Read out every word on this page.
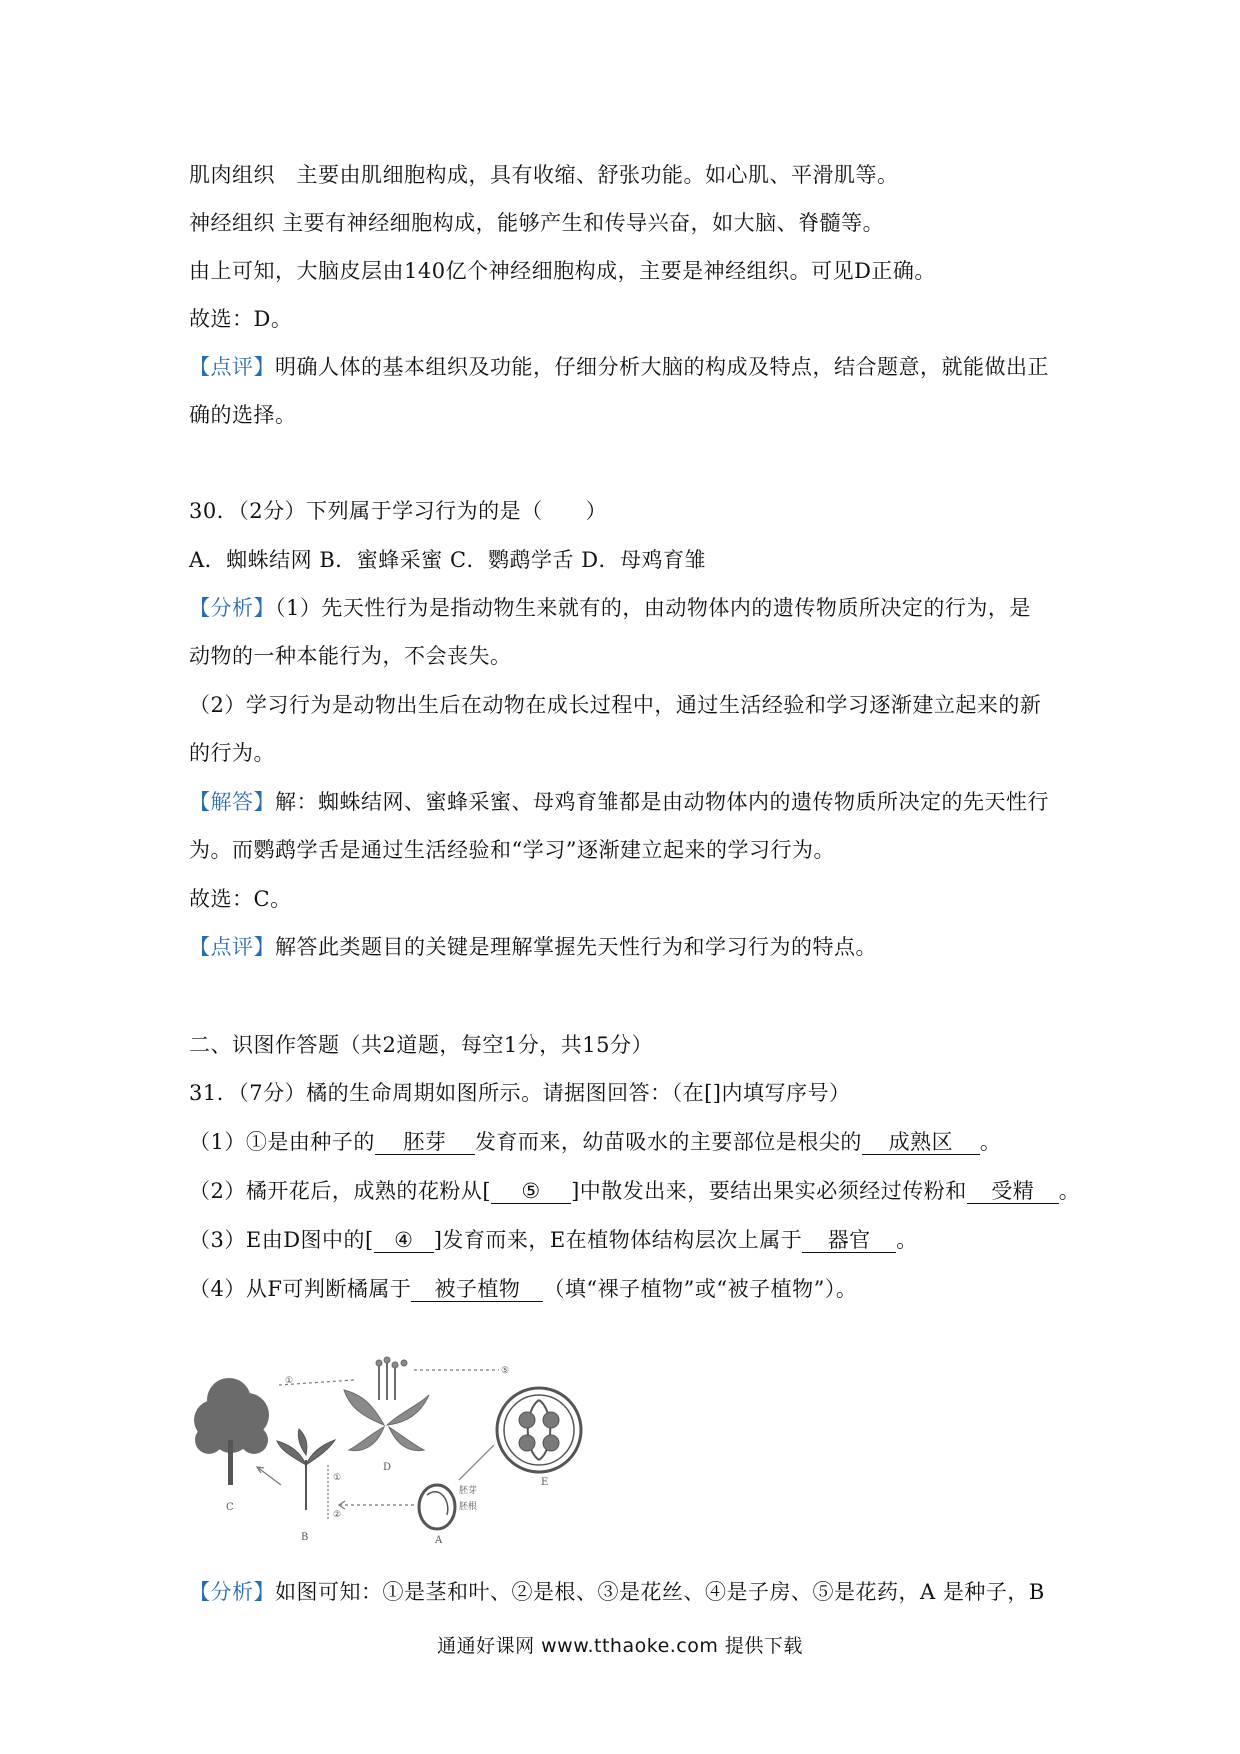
肌肉组织　主要由肌细胞构成，具有收缩、舒张功能。如心肌、平滑肌等。
神经组织 主要有神经细胞构成，能够产生和传导兴奋，如大脑、脊髓等。
由上可知，大脑皮层由140亿个神经细胞构成，主要是神经组织。可见D正确。
故选：D。
【点评】明确人体的基本组织及功能，仔细分析大脑的构成及特点，结合题意，就能做出正
确的选择。
30．（2分）下列属于学习行为的是（　　）
A．蜘蛛结网 B．蜜蜂采蜜 C．鹦鹉学舌 D．母鸡育雏
【分析】（1）先天性行为是指动物生来就有的，由动物体内的遗传物质所决定的行为，是
动物的一种本能行为，不会丧失。
（2）学习行为是动物出生后在动物在成长过程中，通过生活经验和学习逐渐建立起来的新
的行为。
【解答】解：蜘蛛结网、蜜蜂采蜜、母鸡育雏都是由动物体内的遗传物质所决定的先天性行
为。而鹦鹉学舌是通过生活经验和“学习”逐渐建立起来的学习行为。
故选：C。
【点评】解答此类题目的关键是理解掌握先天性行为和学习行为的特点。
二、识图作答题（共2道题，每空1分，共15分）
31．（7分）橘的生命周期如图所示。请据图回答：（在[]内填写序号）
（1）①是由种子的 胚芽 发育而来，幼苗吸水的主要部位是根尖的 成熟区 。
（2）橘开花后，成熟的花粉从[ ⑤ ]中散发出来，要结出果实必须经过传粉和 受精 。
（3）E由D图中的[ ④ ]发育而来，E在植物体结构层次上属于 器官 。
（4）从F可判断橘属于 被子植物 （填“裸子植物”或“被子植物”）。
C
D
E
B	A
胚芽
胚根
①
⑤
①
②
【分析】如图可知：①是茎和叶、②是根、③是花丝、④是子房、⑤是花药，A 是种子，B
通通好课网 www.tthaoke.com 提供下载
